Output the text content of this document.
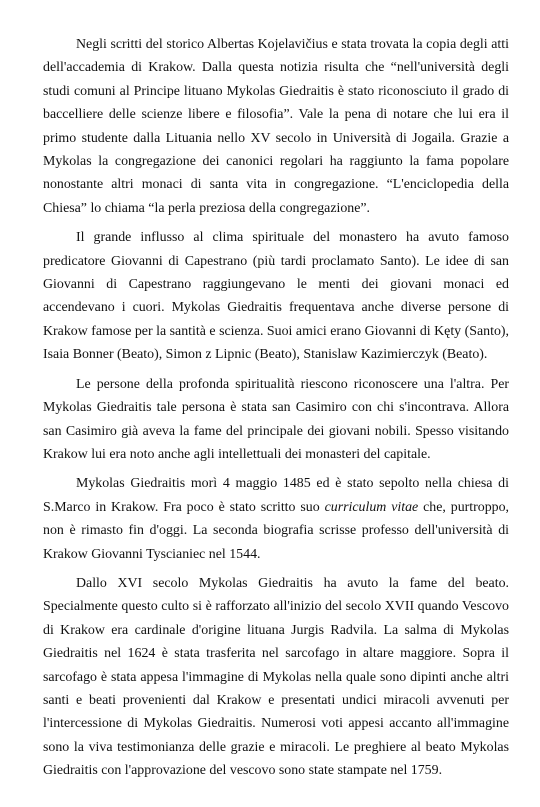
Negli scritti del storico Albertas Kojelavičius e stata trovata la copia degli atti dell'accademia di Krakow. Dalla questa notizia risulta che “nell'università degli studi comuni al Principe lituano Mykolas Giedraitis è stato riconosciuto il grado di baccelliere delle scienze libere e filosofia”. Vale la pena di notare che lui era il primo studente dalla Lituania nello XV secolo in Università di Jogaila. Grazie a Mykolas la congregazione dei canonici regolari ha raggiunto la fama popolare nonostante altri monaci di santa vita in congregazione. “L'enciclopedia della Chiesa” lo chiama “la perla preziosa della congregazione”.

Il grande influsso al clima spirituale del monastero ha avuto famoso predicatore Giovanni di Capestrano (più tardi proclamato Santo). Le idee di san Giovanni di Capestrano raggiungevano le menti dei giovani monaci ed accendevano i cuori. Mykolas Giedraitis frequentava anche diverse persone di Krakow famose per la santità e scienza. Suoi amici erano Giovanni di Kęty (Santo), Isaia Bonner (Beato), Simon z Lipnic (Beato), Stanislaw Kazimierczyk (Beato).

Le persone della profonda spiritualità riescono riconoscere una l'altra. Per Mykolas Giedraitis tale persona è stata san Casimiro con chi s'incontrava. Allora san Casimiro già aveva la fame del principale dei giovani nobili. Spesso visitando Krakow lui era noto anche agli intellettuali dei monasteri del capitale.

Mykolas Giedraitis morì 4 maggio 1485 ed è stato sepolto nella chiesa di S.Marco in Krakow. Fra poco è stato scritto suo curriculum vitae che, purtroppo, non è rimasto fin d'oggi. La seconda biografia scrisse professo dell'università di Krakow Giovanni Tyscianiec nel 1544.

Dallo XVI secolo Mykolas Giedraitis ha avuto la fame del beato. Specialmente questo culto si è rafforzato all'inizio del secolo XVII quando Vescovo di Krakow era cardinale d'origine lituana Jurgis Radvila. La salma di Mykolas Giedraitis nel 1624 è stata trasferita nel sarcofago in altare maggiore. Sopra il sarcofago è stata appesa l'immagine di Mykolas nella quale sono dipinti anche altri santi e beati provenienti dal Krakow e presentati undici miracoli avvenuti per l'intercessione di Mykolas Giedraitis. Numerosi voti appesi accanto all'immagine sono la viva testimonianza delle grazie e miracoli. Le preghiere al beato Mykolas Giedraitis con l'approvazione del vescovo sono state stampate nel 1759.
